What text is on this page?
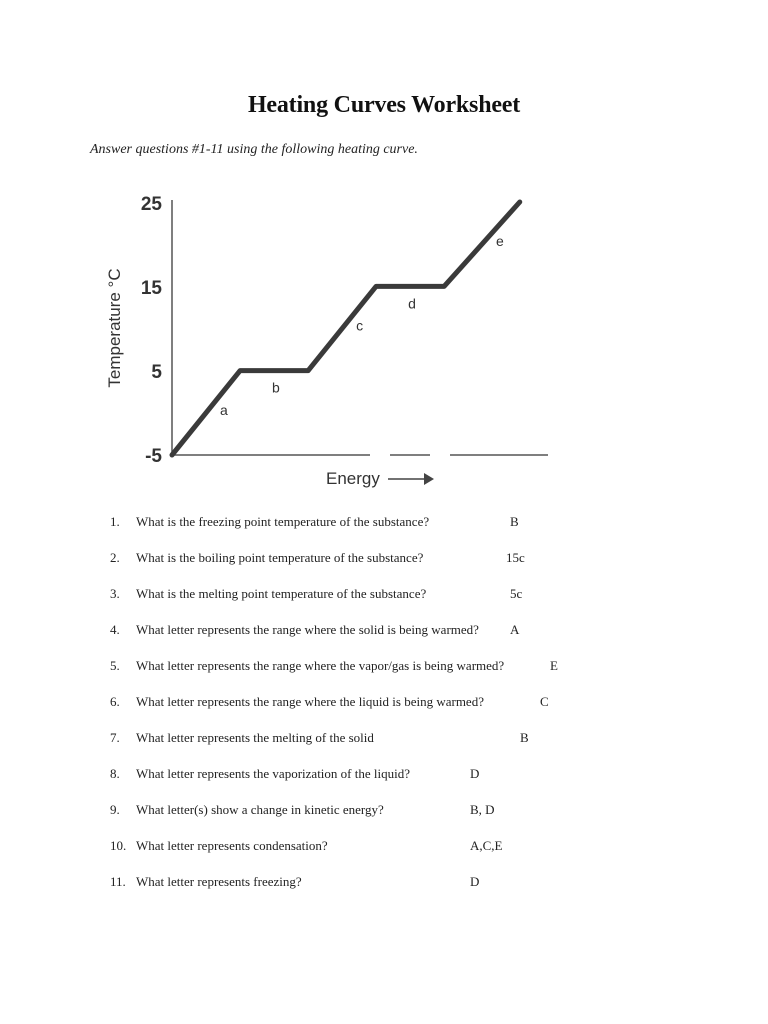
Heating Curves Worksheet
Answer questions #1-11 using the following heating curve.
25
15
5
-5
Temperature °C
Energy
a
b
c
d
e
1.	What is the freezing point temperature of the substance?	B
2.	What is the boiling point temperature of the substance?	15c
3.	What is the melting point temperature of the substance?	5c
4.	What letter represents the range where the solid is being warmed? A
5.	What letter represents the range where the vapor/gas is being warmed?	E
6.	What letter represents the range where the liquid is being warmed?	C
7.	What letter represents the melting of the solid	B
8.	What letter represents the vaporization of the liquid?	D
9.	What letter(s) show a change in kinetic energy?	B, D
10. What letter represents condensation?	A,C,E
11. What letter represents freezing?	D
